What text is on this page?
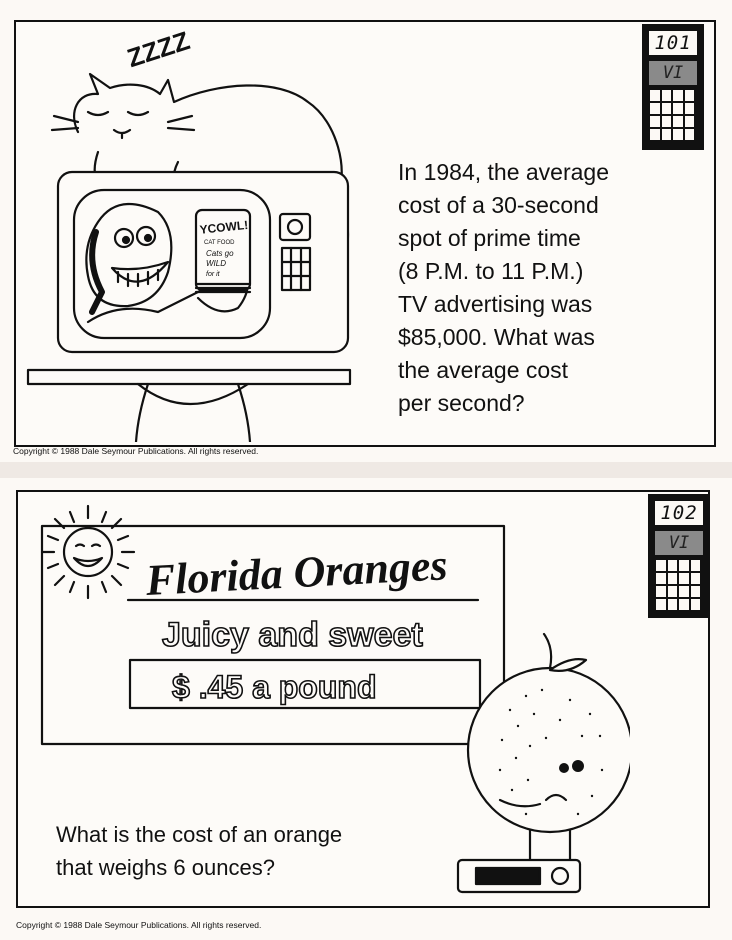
101
VI
ZZZZ
YCOWL!
CAT FOOD
Cats go
WILD
for it
In 1984, the average
cost of a 30-second
spot of prime time
(8 P.M. to 11 P.M.)
TV advertising was
$85,000. What was
the average cost
per second?
Copyright © 1988 Dale Seymour Publications. All rights reserved.
102
VI
Florida Oranges
Juicy and sweet
$ .45 a pound
What is the cost of an orange
that weighs 6 ounces?
Copyright © 1988 Dale Seymour Publications. All rights reserved.
